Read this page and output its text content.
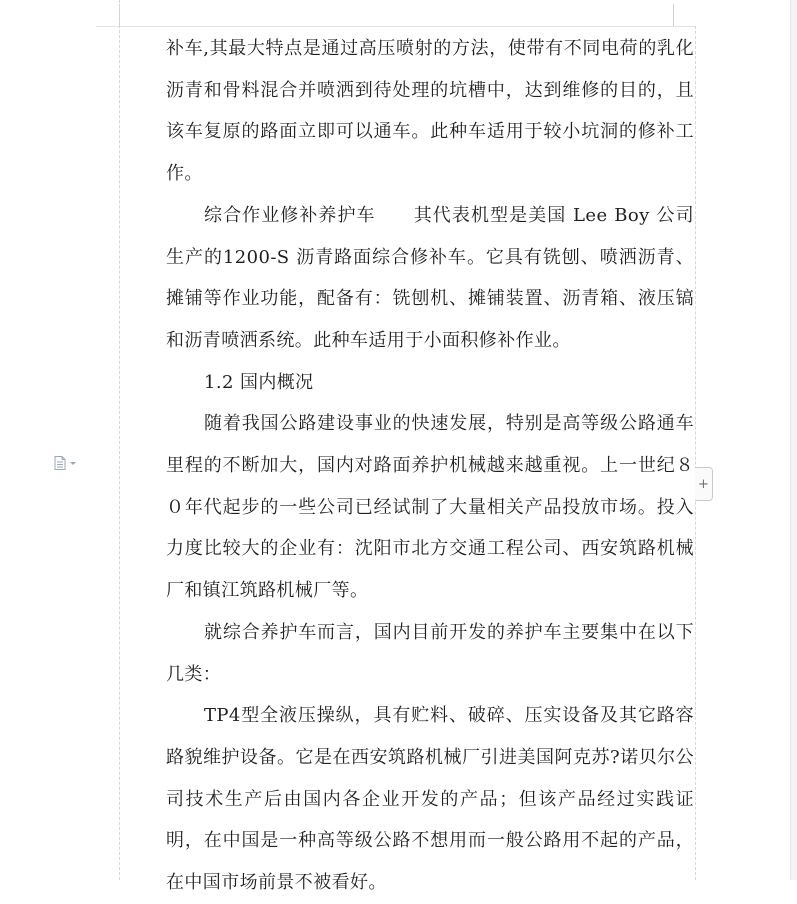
+

补车,其最大特点是通过高压喷射的方法，使带有不同电荷的乳化沥青和骨料混合并喷洒到待处理的坑槽中，达到维修的目的，且该车复原的路面立即可以通车。此种车适用于较小坑洞的修补工作。

综合作业修补养护车　　其代表机型是美国 Lee Boy 公司生产的1200-S 沥青路面综合修补车。它具有铣刨、喷洒沥青、摊铺等作业功能，配备有：铣刨机、摊铺装置、沥青箱、液压镐和沥青喷洒系统。此种车适用于小面积修补作业。

1.2 国内概况

随着我国公路建设事业的快速发展，特别是高等级公路通车里程的不断加大，国内对路面养护机械越来越重视。上一世纪８０年代起步的一些公司已经试制了大量相关产品投放市场。投入力度比较大的企业有：沈阳市北方交通工程公司、西安筑路机械厂和镇江筑路机械厂等。

就综合养护车而言，国内目前开发的养护车主要集中在以下几类：

TP4型全液压操纵，具有贮料、破碎、压实设备及其它路容路貌维护设备。它是在西安筑路机械厂引进美国阿克苏?诺贝尔公司技术生产后由国内各企业开发的产品；但该产品经过实践证明，在中国是一种高等级公路不想用而一般公路用不起的产品，在中国市场前景不被看好。
